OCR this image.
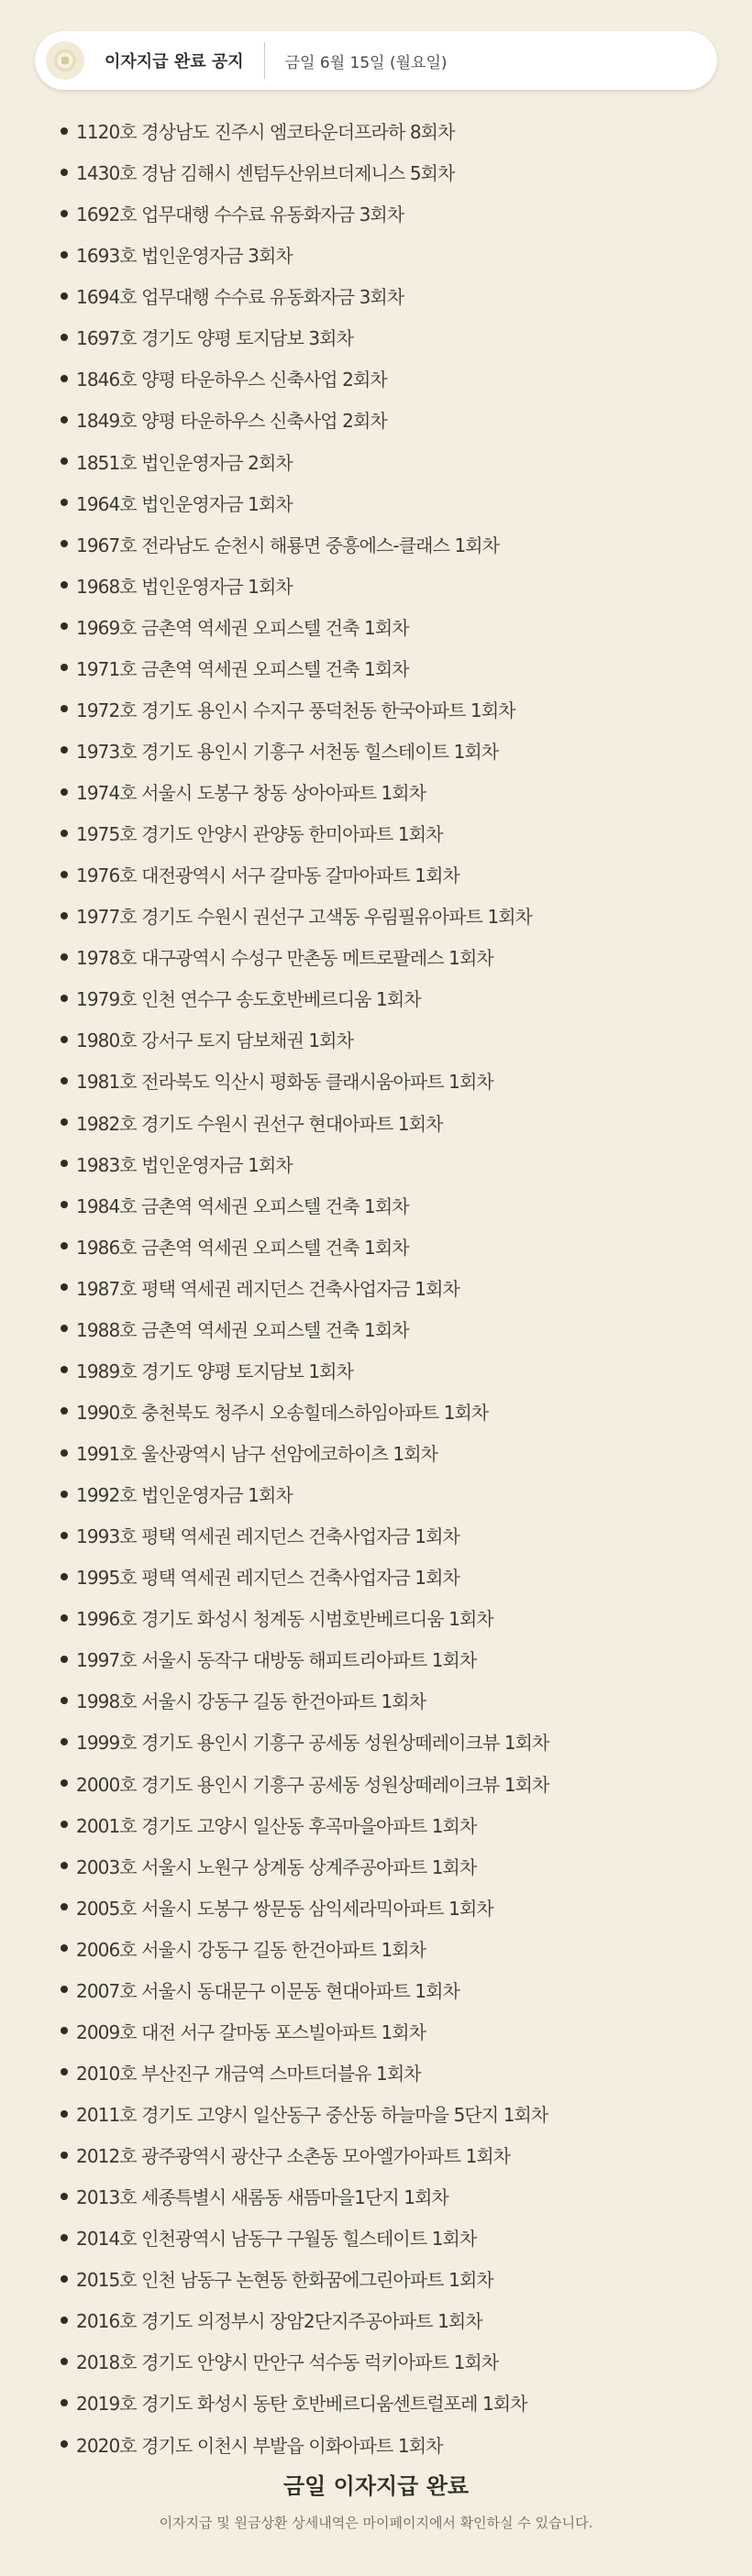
이자지급 완료 공지	금일 6월 15일 (월요일)
1120호 경상남도 진주시 엠코타운더프라하 8회차
1430호 경남 김해시 센텀두산위브더제니스 5회차
1692호 업무대행 수수료 유동화자금 3회차
1693호 법인운영자금 3회차
1694호 업무대행 수수료 유동화자금 3회차
1697호 경기도 양평 토지담보 3회차
1846호 양평 타운하우스 신축사업 2회차
1849호 양평 타운하우스 신축사업 2회차
1851호 법인운영자금 2회차
1964호 법인운영자금 1회차
1967호 전라남도 순천시 해룡면 중흥에스-클래스 1회차
1968호 법인운영자금 1회차
1969호 금촌역 역세권 오피스텔 건축 1회차
1971호 금촌역 역세권 오피스텔 건축 1회차
1972호 경기도 용인시 수지구 풍덕천동 한국아파트 1회차
1973호 경기도 용인시 기흥구 서천동 힐스테이트 1회차
1974호 서울시 도봉구 창동 상아아파트 1회차
1975호 경기도 안양시 관양동 한미아파트 1회차
1976호 대전광역시 서구 갈마동 갈마아파트 1회차
1977호 경기도 수원시 권선구 고색동 우림필유아파트 1회차
1978호 대구광역시 수성구 만촌동 메트로팔레스 1회차
1979호 인천 연수구 송도호반베르디움 1회차
1980호 강서구 토지 담보채권 1회차
1981호 전라북도 익산시 평화동 클래시움아파트 1회차
1982호 경기도 수원시 권선구 현대아파트 1회차
1983호 법인운영자금 1회차
1984호 금촌역 역세권 오피스텔 건축 1회차
1986호 금촌역 역세권 오피스텔 건축 1회차
1987호 평택 역세권 레지던스 건축사업자금 1회차
1988호 금촌역 역세권 오피스텔 건축 1회차
1989호 경기도 양평 토지담보 1회차
1990호 충천북도 청주시 오송힐데스하임아파트 1회차
1991호 울산광역시 남구 선암에코하이츠 1회차
1992호 법인운영자금 1회차
1993호 평택 역세권 레지던스 건축사업자금 1회차
1995호 평택 역세권 레지던스 건축사업자금 1회차
1996호 경기도 화성시 청계동 시범호반베르디움 1회차
1997호 서울시 동작구 대방동 해피트리아파트 1회차
1998호 서울시 강동구 길동 한건아파트 1회차
1999호 경기도 용인시 기흥구 공세동 성원상떼레이크뷰 1회차
2000호 경기도 용인시 기흥구 공세동 성원상떼레이크뷰 1회차
2001호 경기도 고양시 일산동 후곡마을아파트 1회차
2003호 서울시 노원구 상계동 상계주공아파트 1회차
2005호 서울시 도봉구 쌍문동 삼익세라믹아파트 1회차
2006호 서울시 강동구 길동 한건아파트 1회차
2007호 서울시 동대문구 이문동 현대아파트 1회차
2009호 대전 서구 갈마동 포스빌아파트 1회차
2010호 부산진구 개금역 스마트더블유 1회차
2011호 경기도 고양시 일산동구 중산동 하늘마을 5단지 1회차
2012호 광주광역시 광산구 소촌동 모아엘가아파트 1회차
2013호 세종특별시 새롬동 새뜸마을1단지 1회차
2014호 인천광역시 남동구 구월동 힐스테이트 1회차
2015호 인천 남동구 논현동 한화꿈에그린아파트 1회차
2016호 경기도 의정부시 장암2단지주공아파트 1회차
2018호 경기도 안양시 만안구 석수동 럭키아파트 1회차
2019호 경기도 화성시 동탄 호반베르디움센트럴포레 1회차
2020호 경기도 이천시 부발읍 이화아파트 1회차
금일 이자지급 완료
이자지급 및 원금상환 상세내역은 마이페이지에서 확인하실 수 있습니다.
